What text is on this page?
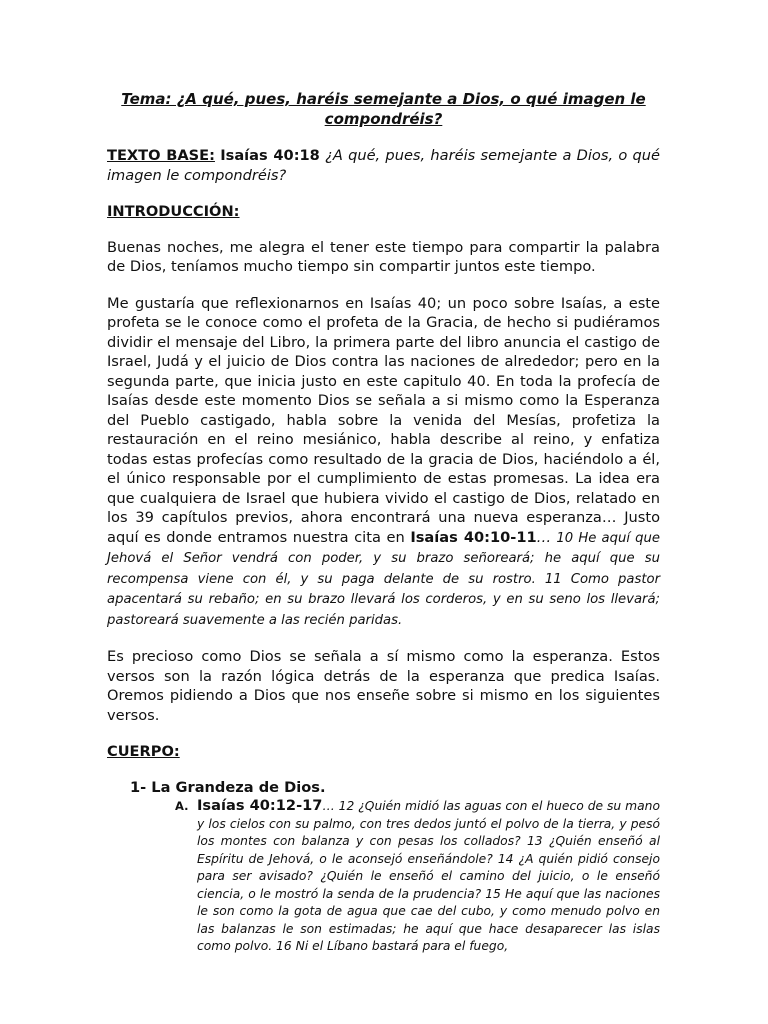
Tema: ¿A qué, pues, haréis semejante a Dios, o qué imagen le compondréis?

TEXTO BASE: Isaías 40:18 ¿A qué, pues, haréis semejante a Dios, o qué imagen le compondréis?

INTRODUCCIÓN:

Buenas noches, me alegra el tener este tiempo para compartir la palabra de Dios, teníamos mucho tiempo sin compartir juntos este tiempo.

Me gustaría que reflexionarnos en Isaías 40; un poco sobre Isaías, a este profeta se le conoce como el profeta de la Gracia, de hecho si pudiéramos dividir el mensaje del Libro, la primera parte del libro anuncia el castigo de Israel, Judá y el juicio de Dios contra las naciones de alrededor; pero en la segunda parte, que inicia justo en este capitulo 40. En toda la profecía de Isaías desde este momento Dios se señala a si mismo como la Esperanza del Pueblo castigado, habla sobre la venida del Mesías, profetiza la restauración en el reino mesiánico, habla describe al reino, y enfatiza todas estas profecías como resultado de la gracia de Dios, haciéndolo a él, el único responsable por el cumplimiento de estas promesas. La idea era que cualquiera de Israel que hubiera vivido el castigo de Dios, relatado en los 39 capítulos previos, ahora encontrará una nueva esperanza… Justo aquí es donde entramos nuestra cita en Isaías 40:10-11… 10 He aquí que Jehová el Señor vendrá con poder, y su brazo señoreará; he aquí que su recompensa viene con él, y su paga delante de su rostro. 11 Como pastor apacentará su rebaño; en su brazo llevará los corderos, y en su seno los llevará; pastoreará suavemente a las recién paridas.

Es precioso como Dios se señala a sí mismo como la esperanza. Estos versos son la razón lógica detrás de la esperanza que predica Isaías. Oremos pidiendo a Dios que nos enseñe sobre si mismo en los siguientes versos.

CUERPO:
1- La Grandeza de Dios.
A. Isaías 40:12-17… 12 ¿Quién midió las aguas con el hueco de su mano y los cielos con su palmo, con tres dedos juntó el polvo de la tierra, y pesó los montes con balanza y con pesas los collados? 13 ¿Quién enseñó al Espíritu de Jehová, o le aconsejó enseñándole? 14 ¿A quién pidió consejo para ser avisado? ¿Quién le enseñó el camino del juicio, o le enseñó ciencia, o le mostró la senda de la prudencia? 15 He aquí que las naciones le son como la gota de agua que cae del cubo, y como menudo polvo en las balanzas le son estimadas; he aquí que hace desaparecer las islas como polvo. 16 Ni el Líbano bastará para el fuego,
